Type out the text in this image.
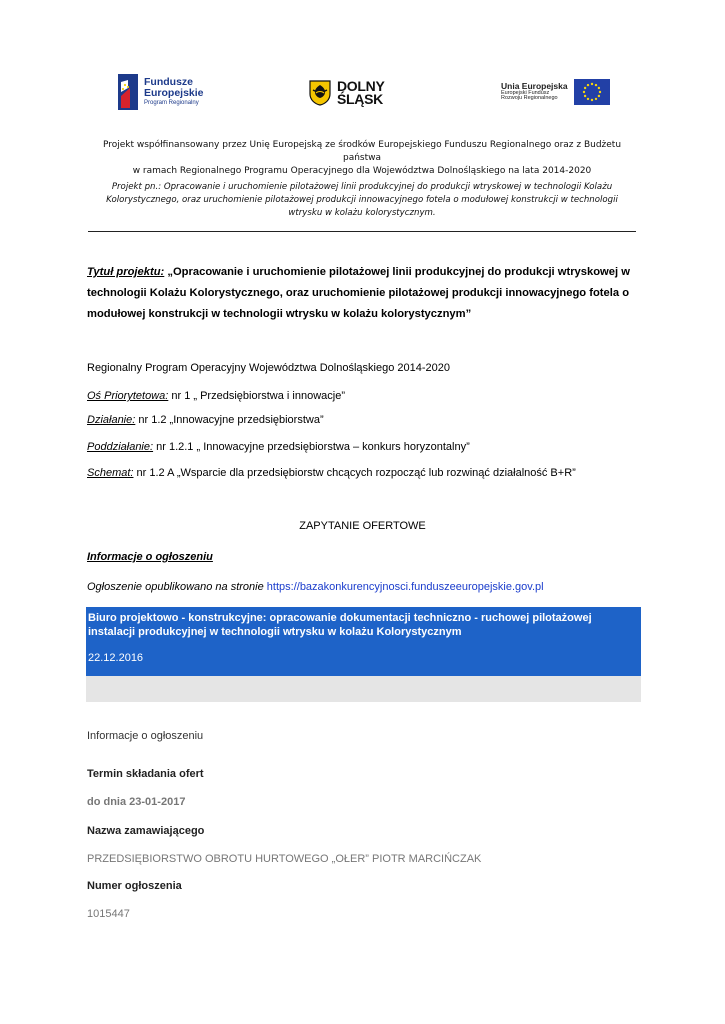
Fundusze
Europejskie
Program Regionalny
DOLNY
ŚLĄSK
Unia Europejska
Europejski Fundusz
Rozwoju Regionalnego
Projekt współfinansowany przez Unię Europejską ze środków Europejskiego Funduszu Regionalnego oraz z Budżetu państwa
w ramach Regionalnego Programu Operacyjnego dla Województwa Dolnośląskiego na lata 2014-2020
Projekt pn.: Opracowanie i uruchomienie pilotażowej linii produkcyjnej do produkcji wtryskowej w technologii Kolażu
Kolorystycznego, oraz uruchomienie pilotażowej produkcji innowacyjnego fotela o modułowej konstrukcji w technologii
wtrysku w kolażu kolorystycznym.
Tytuł projektu: „Opracowanie i uruchomienie pilotażowej linii produkcyjnej do produkcji wtryskowej w technologii Kolażu Kolorystycznego, oraz uruchomienie pilotażowej produkcji innowacyjnego fotela o modułowej konstrukcji w technologii wtrysku w kolażu kolorystycznym”
Regionalny Program Operacyjny Województwa Dolnośląskiego 2014-2020
Oś Priorytetowa: nr 1 „ Przedsiębiorstwa i innowacje”
Działanie: nr 1.2 „Innowacyjne przedsiębiorstwa”
Poddziałanie: nr 1.2.1 „ Innowacyjne przedsiębiorstwa – konkurs horyzontalny”
Schemat: nr 1.2 A „Wsparcie dla przedsiębiorstw chcących rozpocząć lub rozwinąć działalność B+R”
ZAPYTANIE OFERTOWE
Informacje o ogłoszeniu
Ogłoszenie opublikowano na stronie https://bazakonkurencyjnosci.funduszeeuropejskie.gov.pl
Biuro projektowo - konstrukcyjne: opracowanie dokumentacji techniczno - ruchowej pilotażowej instalacji produkcyjnej w technologii wtrysku w kolażu Kolorystycznym
22.12.2016
Informacje o ogłoszeniu
Termin składania ofert
do dnia 23-01-2017
Nazwa zamawiającego
PRZEDSIĘBIORSTWO OBROTU HURTOWEGO „OŁER” PIOTR MARCIŃCZAK
Numer ogłoszenia
1015447
